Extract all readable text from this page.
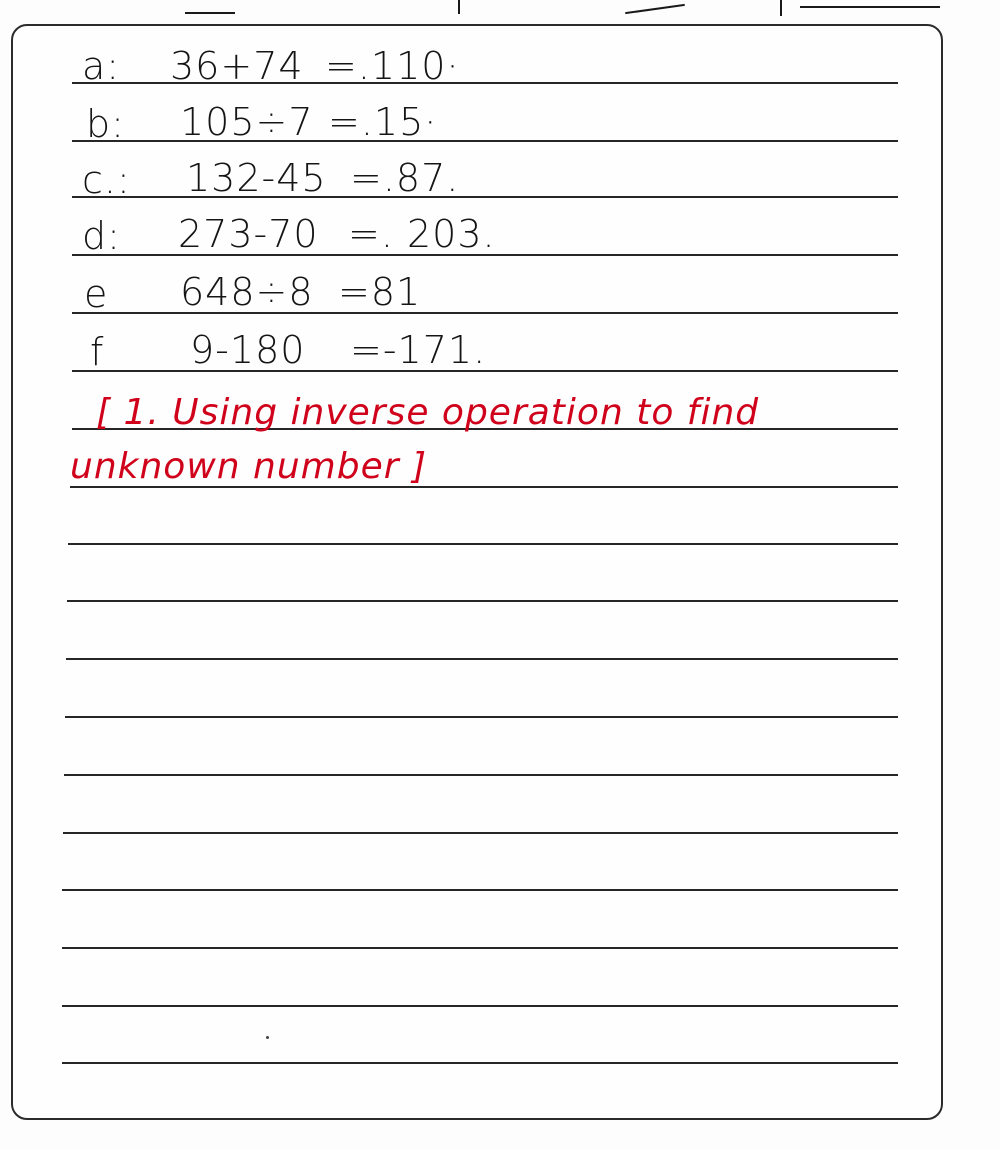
a: 36+74 =.110·
b: 105÷7 =.15·
c.: 132-45 =.87.
d: 273-70 =. 203.
e 648÷8 =81
f 9-180 =-171.
[ 1. Using inverse operation to find
unknown number ]
